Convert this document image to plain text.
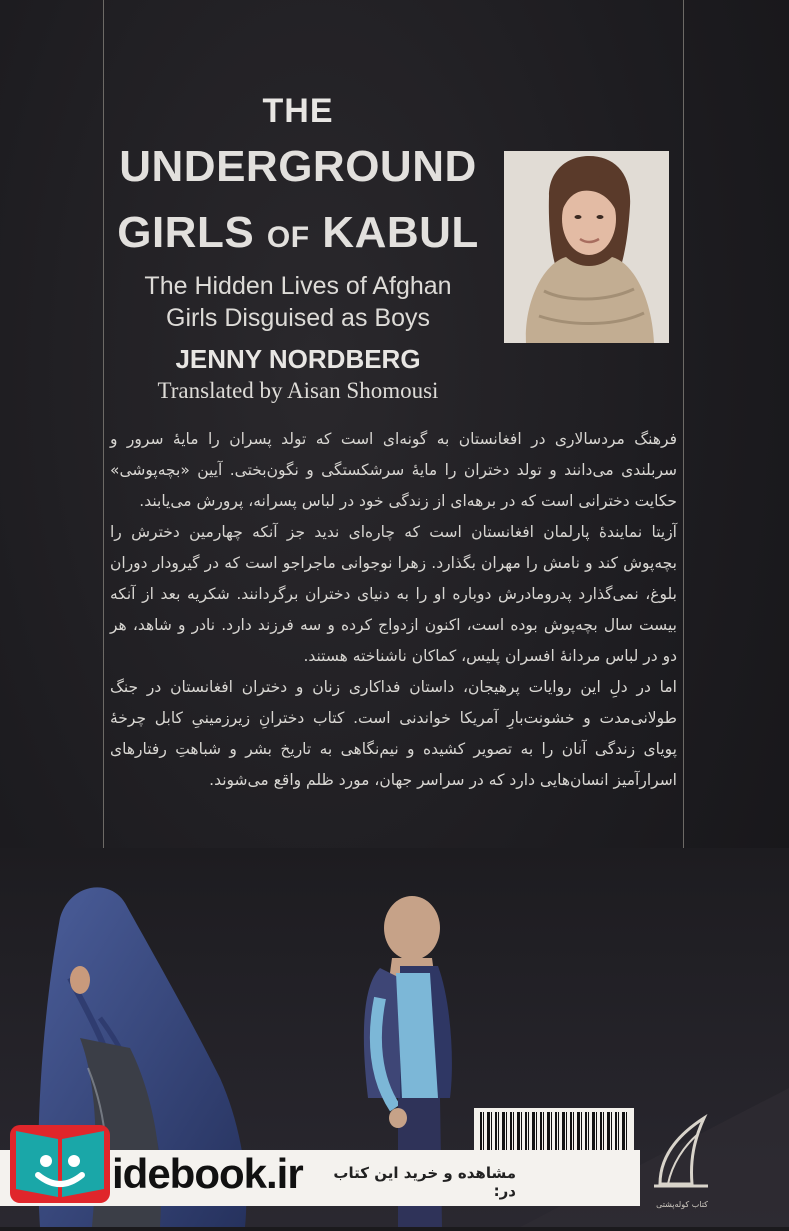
THE
UNDERGROUND
GIRLS OF KABUL
The Hidden Lives of Afghan
Girls Disguised as Boys
JENNY NORDBERG
Translated by Aisan Shomousi

فرهنگ مردسالاری در افغانستان به گونه‌ای است که تولد پسران را مایهٔ سرور و سربلندی می‌دانند و تولد دختران را مایهٔ سرشکستگی و نگون‌بختی. آیین «بچه‌پوشی» حکایت دخترانی است که در برهه‌ای از زندگی خود در لباس پسرانه، پرورش می‌یابند.

آزیتا نمایندهٔ پارلمان افغانستان است که چاره‌ای ندید جز آنکه چهارمین دخترش را بچه‌پوش کند و نامش را مهران بگذارد. زهرا نوجوانی ماجراجو است که در گیرودار دوران بلوغ، نمی‌گذارد پدرومادرش دوباره او را به دنیای دختران برگردانند. شکریه بعد از آنکه بیست سال بچه‌پوش بوده است، اکنون ازدواج کرده و سه فرزند دارد. نادر و شاهد، هر دو در لباس مردانهٔ افسران پلیس، کماکان ناشناخته هستند.

اما در دلِ این روایات پرهیجان، داستان فداکاری زنان و دختران افغانستان در جنگ طولانی‌مدت و خشونت‌بارِ آمریکا خواندنی است. کتاب دخترانِ زیرزمینیِ کابل چرخهٔ پویای زندگی آنان را به تصویر کشیده و نیم‌نگاهی به تاریخ بشر و شباهتِ رفتارهای اسرارآمیز انسان‌هایی دارد که در سراسر جهان، مورد ظلم واقع می‌شوند.

کتاب کوله‌پشتی
idebook.ir	مشاهده و خرید این کتاب در:
